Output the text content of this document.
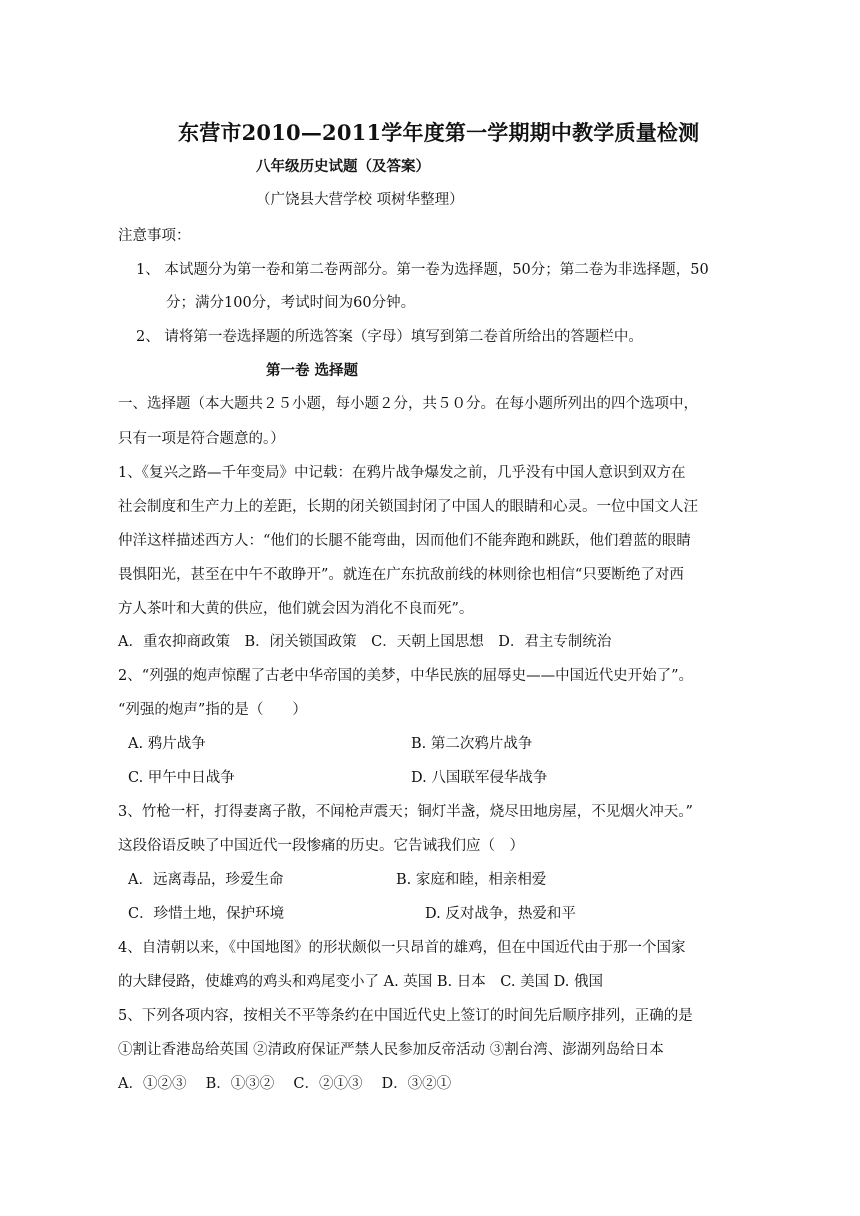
东营市2010—2011学年度第一学期期中教学质量检测
八年级历史试题（及答案）
（广饶县大营学校 项树华整理）
注意事项：
1、 本试题分为第一卷和第二卷两部分。第一卷为选择题，50分；第二卷为非选择题，50
分；满分100分，考试时间为60分钟。
2、 请将第一卷选择题的所选答案（字母）填写到第二卷首所给出的答题栏中。
第一卷 选择题
一、选择题（本大题共２５小题，每小题２分，共５０分。在每小题所列出的四个选项中，
只有一项是符合题意的。）
1、《复兴之路—千年变局》中记载：在鸦片战争爆发之前，几乎没有中国人意识到双方在
社会制度和生产力上的差距，长期的闭关锁国封闭了中国人的眼睛和心灵。一位中国文人汪
仲洋这样描述西方人：“他们的长腿不能弯曲，因而他们不能奔跑和跳跃，他们碧蓝的眼睛
畏惧阳光，甚至在中午不敢睁开”。就连在广东抗敌前线的林则徐也相信“只要断绝了对西
方人茶叶和大黄的供应，他们就会因为消化不良而死”。
A．重农抑商政策　B．闭关锁国政策　C．天朝上国思想　D．君主专制统治
2、“列强的炮声惊醒了古老中华帝国的美梦，中华民族的屈辱史——中国近代史开始了”。
“列强的炮声”指的是（　　）
A. 鸦片战争	B. 第二次鸦片战争
C. 甲午中日战争	D. 八国联军侵华战争
3、竹枪一杆，打得妻离子散，不闻枪声震天；铜灯半盏，烧尽田地房屋，不见烟火冲天。”
这段俗语反映了中国近代一段惨痛的历史。它告诫我们应（　）
A．远离毒品，珍爱生命	B. 家庭和睦，相亲相爱
C．珍惜土地，保护环境	D. 反对战争，热爱和平
4、自清朝以来，《中国地图》的形状颇似一只昂首的雄鸡，但在中国近代由于那一个国家
的大肆侵路，使雄鸡的鸡头和鸡尾变小了 A. 英国 B. 日本　C. 美国 D. 俄国
5、下列各项内容，按相关不平等条约在中国近代史上签订的时间先后顺序排列，正确的是
①割让香港岛给英国 ②清政府保证严禁人民参加反帝活动 ③割台湾、澎湖列岛给日本
A．①②③　 B．①③②　 C．②①③　 D．③②①
